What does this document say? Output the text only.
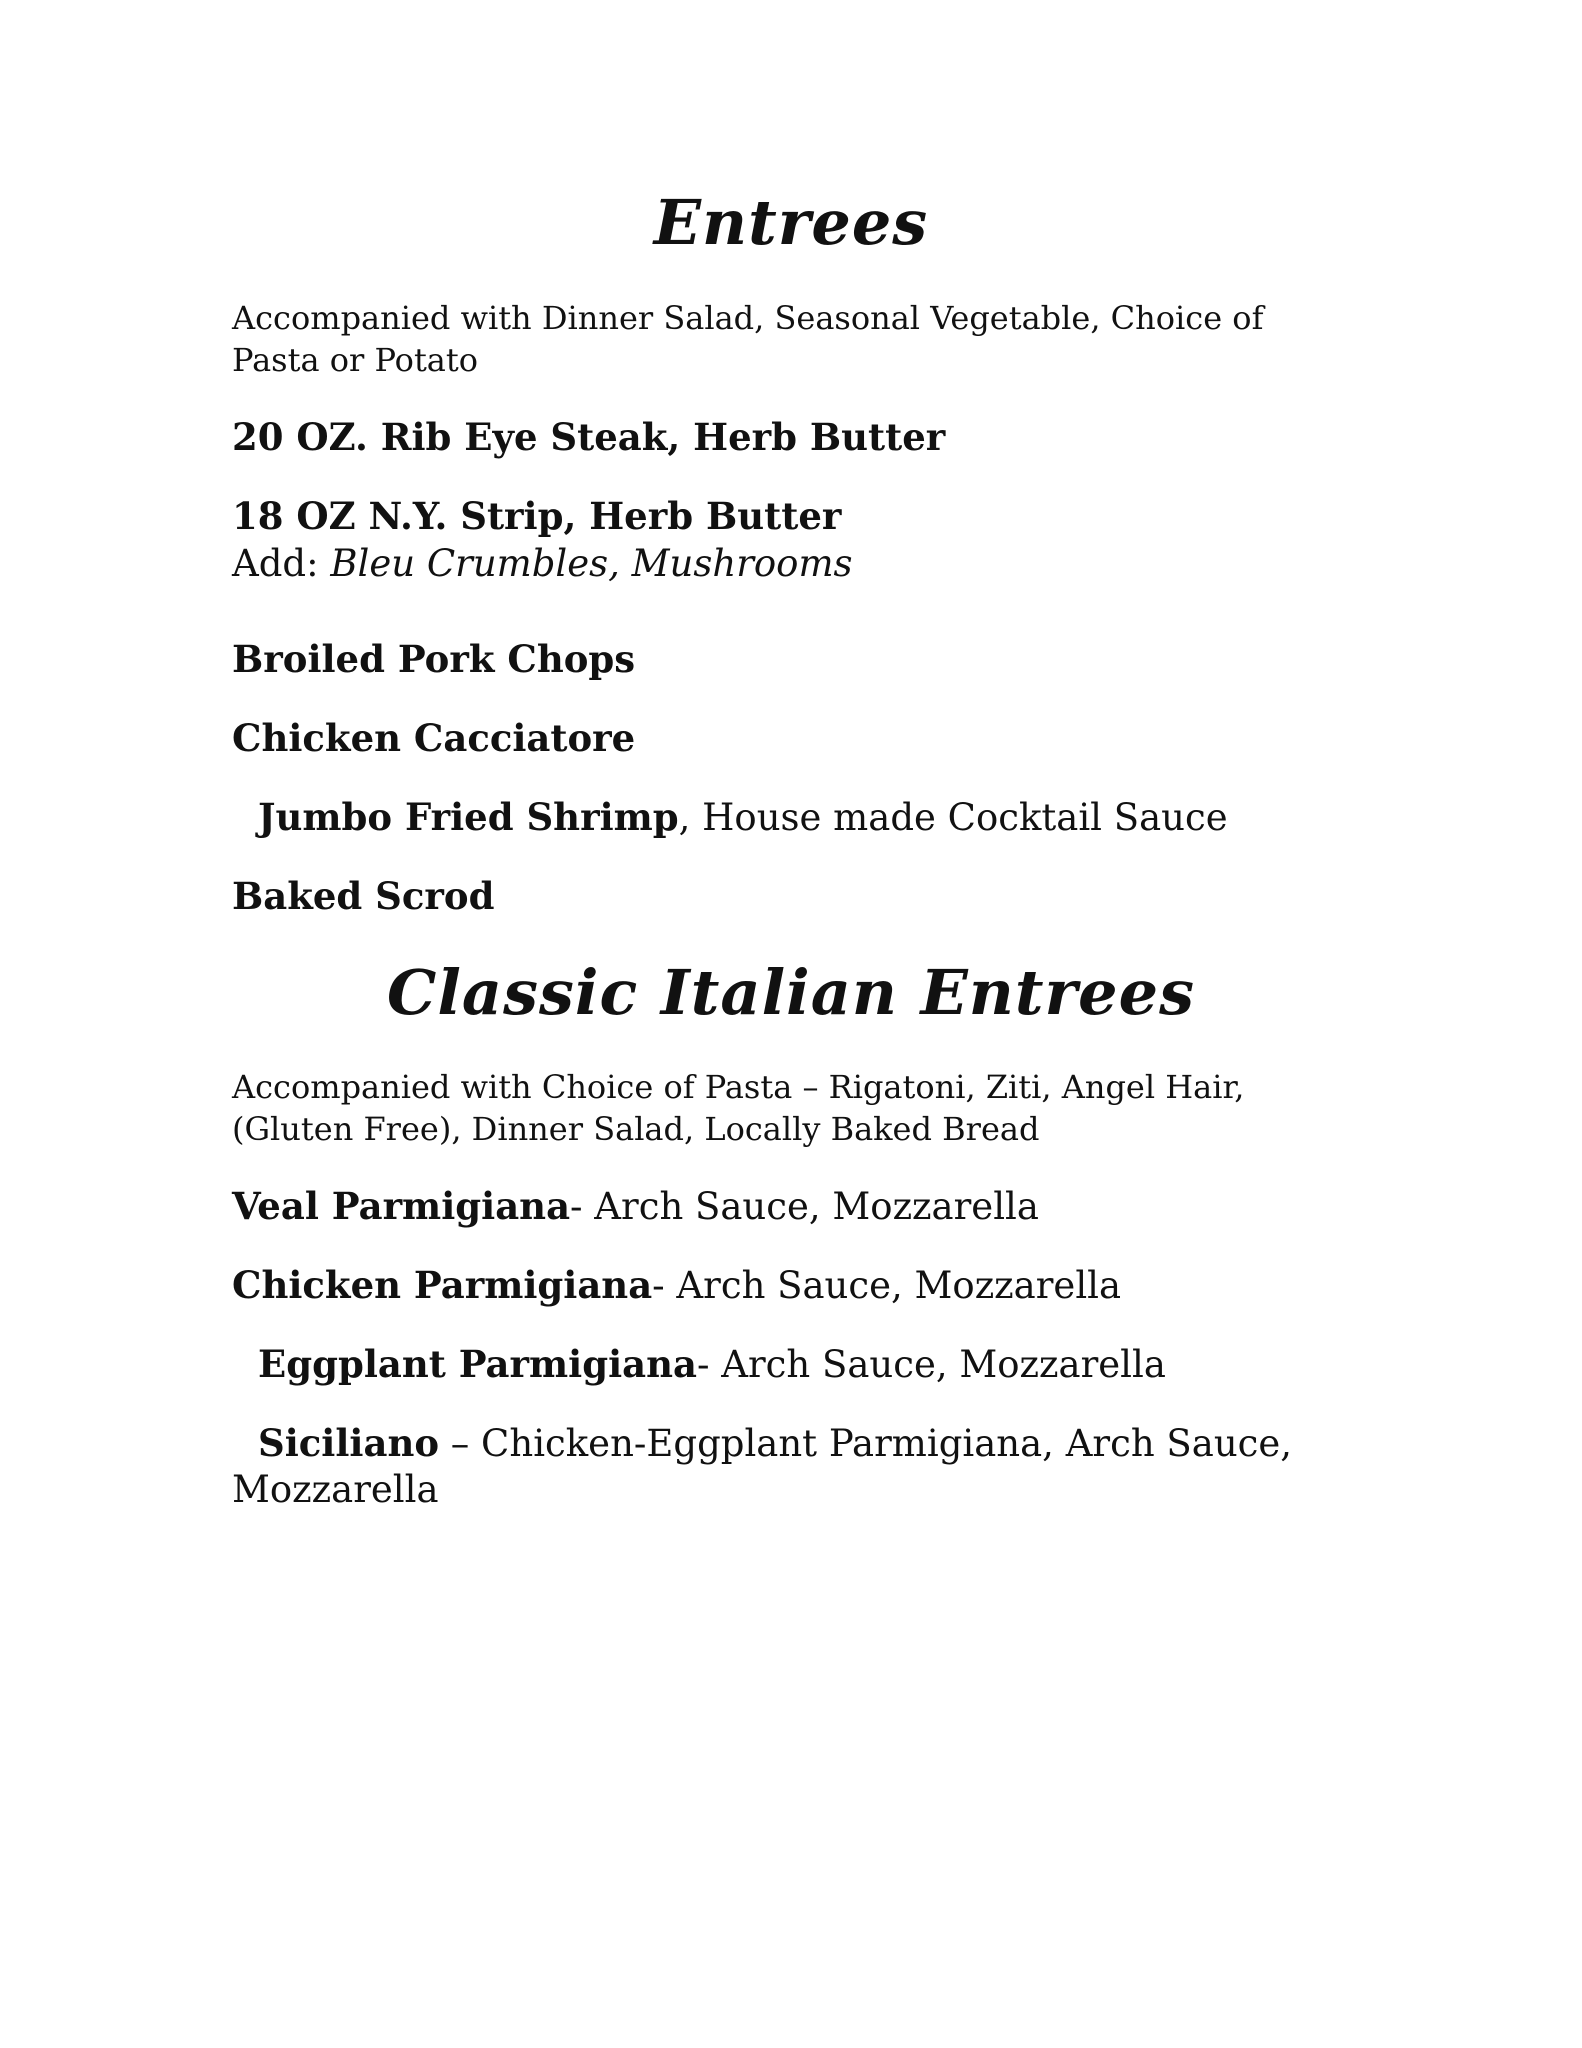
Entrees

Accompanied with Dinner Salad, Seasonal Vegetable, Choice of Pasta or Potato

20 OZ. Rib Eye Steak, Herb Butter

18 OZ N.Y. Strip, Herb Butter

Add: Bleu Crumbles, Mushrooms

Broiled Pork Chops

Chicken Cacciatore

Jumbo Fried Shrimp, House made Cocktail Sauce

Baked Scrod

Classic Italian Entrees

Accompanied with Choice of Pasta – Rigatoni, Ziti, Angel Hair, (Gluten Free), Dinner Salad, Locally Baked Bread

Veal Parmigiana- Arch Sauce, Mozzarella

Chicken Parmigiana- Arch Sauce, Mozzarella

Eggplant Parmigiana- Arch Sauce, Mozzarella

Siciliano – Chicken-Eggplant Parmigiana, Arch Sauce, Mozzarella
